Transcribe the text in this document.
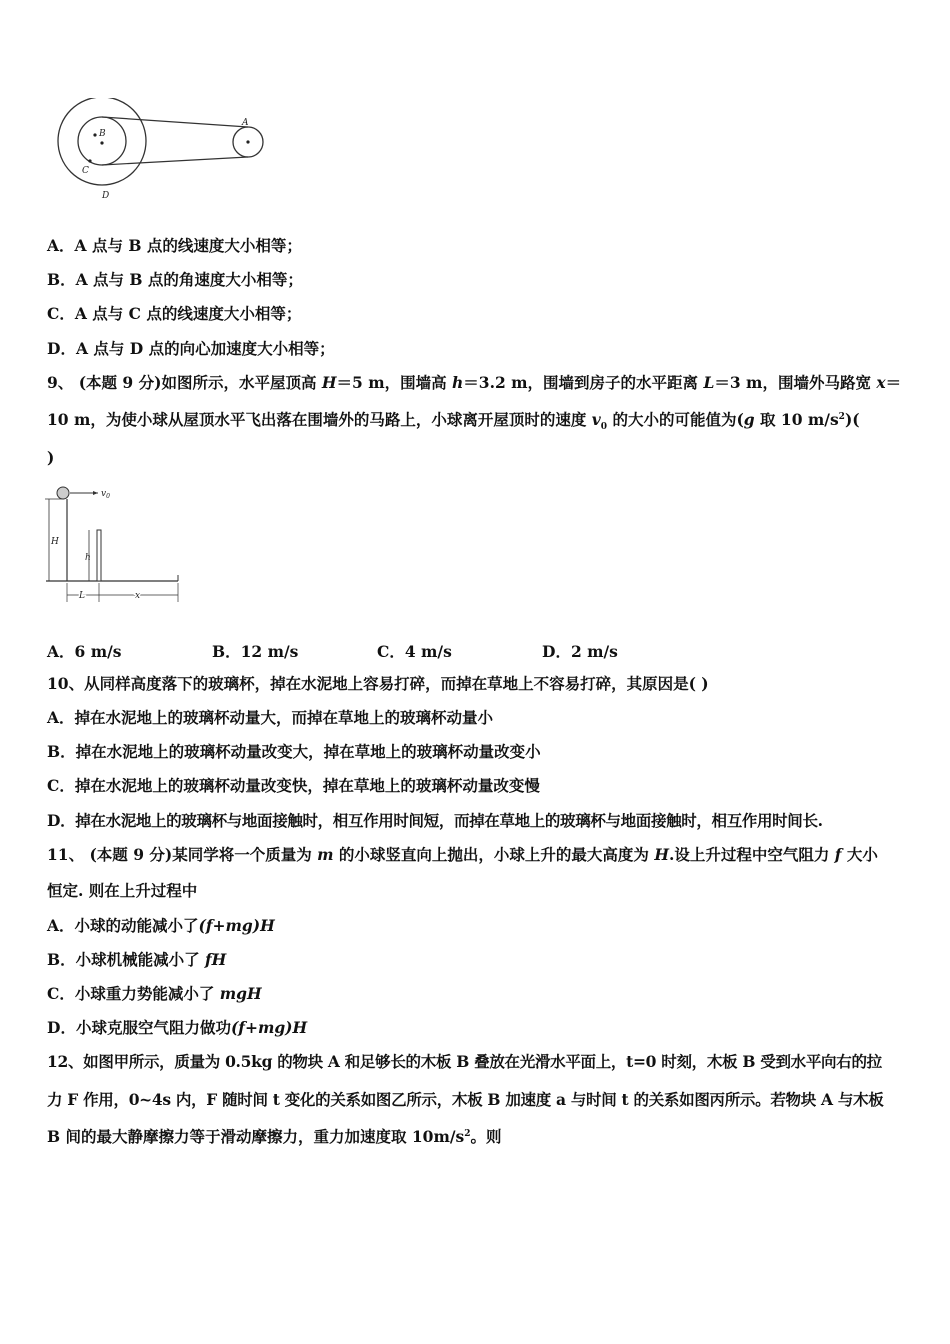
A
B
C
D
A．A 点与 B 点的线速度大小相等；
B．A 点与 B 点的角速度大小相等；
C．A 点与 C 点的线速度大小相等；
D．A 点与 D 点的向心加速度大小相等；
9、 (本题 9 分)如图所示，水平屋顶高 H＝5 m，围墙高 h＝3.2 m，围墙到房子的水平距离 L＝3 m，围墙外马路宽 x＝
10 m，为使小球从屋顶水平飞出落在围墙外的马路上，小球离开屋顶时的速度 $v_0$ 的大小的可能值为(g 取 10 $m/s^2$)(
)
$v_0$
H
h
L	x
A．6 m/s	B．12 m/s	C．4 m/s	D．2 m/s
10、从同样高度落下的玻璃杯，掉在水泥地上容易打碎，而掉在草地上不容易打碎，其原因是( )
A．掉在水泥地上的玻璃杯动量大，而掉在草地上的玻璃杯动量小
B．掉在水泥地上的玻璃杯动量改变大，掉在草地上的玻璃杯动量改变小
C．掉在水泥地上的玻璃杯动量改变快，掉在草地上的玻璃杯动量改变慢
D．掉在水泥地上的玻璃杯与地面接触时，相互作用时间短，而掉在草地上的玻璃杯与地面接触时，相互作用时间长.
11、 (本题 9 分)某同学将一个质量为 m 的小球竖直向上抛出，小球上升的最大高度为 H.设上升过程中空气阻力 f 大小
恒定. 则在上升过程中
A．小球的动能减小了(f+mg)H
B．小球机械能减小了 fH
C．小球重力势能减小了 mgH
D．小球克服空气阻力做功(f+mg)H
12、如图甲所示，质量为 0.5kg 的物块 A 和足够长的木板 B 叠放在光滑水平面上，t=0 时刻，木板 B 受到水平向右的拉
力 F 作用，0~4s 内，F 随时间 t 变化的关系如图乙所示，木板 B 加速度 a 与时间 t 的关系如图丙所示。若物块 A 与木板
B 间的最大静摩擦力等于滑动摩擦力，重力加速度取 $10m/s^2$。则
